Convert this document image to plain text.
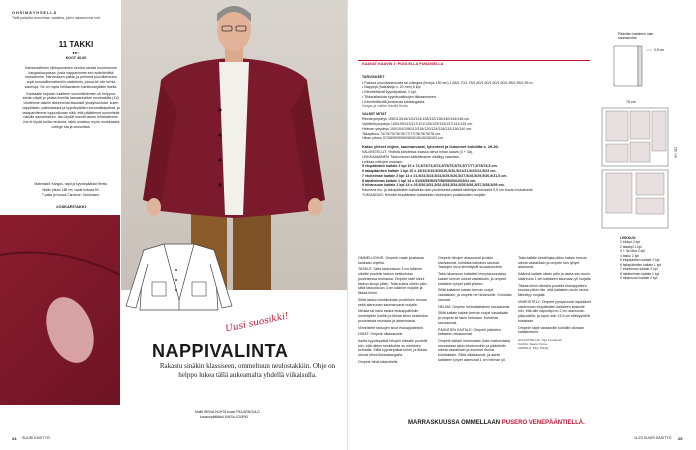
OHSIMÄYHSELLÄ
Tällä palstalla ommellaan vaatteita, joihin rakastumme heti.
11 TAKKI
●●○
KOOT 46-66

Karismaattinen viininpunainen neuloa varasti huomiomme kangaskaupassa, josta nappasimme sen epäröimättä mukaamme. Harvinaisen paksu ja pehmeä puuvillaneulos sopii konstaillemattomiin vaatteisiin, joissa se oile turhia saumoja. Se on myös helläavainen harkinnanjälkiin itsella.

Kankaalle sopivan vaatteen suunnittelemien oli helppoa: sehän näytti jo pelata ilmeiltä hamasnhelien neuletakilta (11)! Ulottimme takkiin tärkeimmät klassiset yksityiskohdat, kuten nappilistan, paikkataskut ja kyynärpäiden kenonatkapaikat, ja tasapaivitimme tuppuolivaan niitä, että päättimme suunnitella naisille samantaisen. Ilan löydät tulevat talven lehdistämme. Jos et löydä tuhtia neulosta, takki onnistuu myös murkkaasta college sta ja veosniista.

Materiaalit: Kangas, napit ja kyynärpäälaat Hertta.

Mallin pituus 188 cm, vaate kokoaa 50.

T-paita ja housut Carolone, Stockmann.

#OSKARITAKKI
Uusi suosikki!
NAPPIVALINTA
Rakastu sinäkin klassiseen, ommeltuun neulostakkiin. Ohje on helppo lukea tällä aukeamalta yhdellä viikaisulla.
Mallit IRENA HUHTA kuvat PIIA ARNOULD
kuvauspäällikkö KAISA JOURKI
24 SUURI KÄSITYÖ
KAAVAT KAAVIN 2: PUOLELLA PUNAISELLA

TARVIKKEET

• Paksua puuvillaneulosta tai collegea (leveys 150 cm) 1,65/1,70/1,75/1,80/1,90/1,90/1,90/1,95/1,95/1,95 m.
• Nappeja (halkaisija n. 20 mm) 6 kpl.
• Kiinnitettävät kyynärpaikat, 2 kpl.
• Tikkauslankaa kyynärpaikkojen tikkaamiseen.
• Kiinnitettävälä joustavaa tukikangasta.
Kangas ja mallien tekstilä Hertta.

VALMIT MITAT

Rinnanympärys 108/113/116/120/124/128/132/136/140/144/148 cm.
Vyötärönympärys 105/109/113/117/121/125/129/133/137/141/145 cm.
Helman ympärys 100/104/108/112/116/120/124/128/132/136/140 cm.
Takapituus 74/75/75/76/76/77/77/78/78/78/78 cm.
Hihan pituus 57/58/59/59/60/60/61/61/62/62/63 cm.

Katso yleiset ohjeet, saumanvarat, lyhenteet ja liukuimet kohdilta s. 29-30.

VALMISTELUT: Yhdistä kahdessa osassa oleva hihan kaava (3 + 3a).
LEIKKAAMINEN: Taskunsuun kääntäminen sisältyy kaavaan.
Leikkaa mittojen mukaan:
5 etupääntien kaitale 2 kpl 10 x 72,5/73/73,5/74,5/75/75,5/76,5/77/77,5/78/78,5 cm.
6 takapääntien kaitale 1 kpl 10 x 19/19,5/19,5/20/20,5/20,5/21/21,5/22/22,5/23 cm.
7 etuhelman kaitale 2 kpl 14 x 21,5/23,5/23,5/24,5/25,5/26,5/27,5/28,5/29,5/30,5/31,5 cm.
8 takahelman kaitale 1 kpl 14 x 51/53/55/56/57/58/59/60/62/63/64 cm.
9 hihansuun kaitale 2 kpl 14 x 29,5/30,5/31,5/32,5/33,5/34,5/35,5/36,5/37,5/38,5/39 cm.
Kaveena eiu: ja takapääntien kaitaleita olan puoleisesta päästä taittelijan kohdalta 0,5 cm kuvan mukaisesti.
TUKIANGAS: Kiinnitä etupääntien kaitaleiden sisempien puoliskoiden nurjalle.
Pääntien kaitaleen olan saumakohta
0,5 cm
75 cm
150 cm
LEIKKUU:
1 etukpl 2 kpl
2 takakpl 1 kpl
3 + 3a hiha 2 kpl
4 tasku 2 kpl
5 etupääntien kaitale 2 kpl
6 takapääntien kaitale 1 kpl
7 etuhelman kaitale 2 kpl
8 takahelman kaitale 1 kpl
9 hihansuun kaitale 2 kpl

OMMELUOHJE: Ompele vaate joustavan kankaan ohjeilla.

TASKUT: Taita taskunsuun 3 cm käänne oikeille puolelle taskun kesikohdan puoleisessa reunassa. Ompele taite kiinni taskun sivuja pitkin. Taita kulma oikein päin, silitä taskunsuun 3 cm käänne nurjalle ja tikkaa kiinni.

Silitä taskun keskikohdan puoleisen reunan sekä alareunan saumanvarat nurjalle.

Neulaa tai harsi taskut etukappaleisiin merkittyihin kohtiin ja tikkaa kiinni keskiedun puoleisesta reunasta ja alareunasta.

Viimeistele taskujen sivut etukappaleisiin.

HIHAT: Ompele olkasaumat.

Aseta kyynärpaikat hihojen oikealle puolelle niin, että niiden keskikohta on merkkien kohdalla. Silitä kyynärpaikat kiinni, ja tikkaa reunat kiinni tikkauslangalla.

Ompele hihat kädentielle.

Ompele hihojen alasaumat ja takin sivusaumat, kohdista kainalon saumat. Taskujen sivut kiinnittyvät sivusaumoihin.

Taita hihansuun kaitaleet leveyssuunnassa kaksin kerroin oikeat vastakkain, ja ompele kaitaleen lyhyet päät yhteen.

Silitä kaitaleet kaksin kerroin nurjat vastakkain, ja ompele ne hihansuille. Kohdista saumat.

HELMA: Ompele helmakaitaleen sivusaumat.

Silitä kaitale kaksin kerroin nurjat vastakkain ja ompele se takin helmaan. Kohdista sivusaumat.

PÄÄNTIEN KAITALE: Ompele pääntien kaitaleen olkasaumat.

Ompele kaitale olommasta (tuke mattomasta) reunastaan takin etureunoihin ja pääntielle; oikeat vastakkain ja avoimet reunat kohdakkain. Silitä olkasaumat, ja aseta kaitaleen lyhyet alareunat 1 cm helman yli.

Taita kaitale keskilinjaa pitkin kaksin kerroin oikeat vastakkain ja ompele sen lyhyet alareunat.

Käännä kaitale oikein päin ja aseta sen avoin sisäreuna 1 cm kaitaleen saumaan yli nurjalla.

Tikkaa kiinni oikealla puolella etukappaleen reunaa pitkin niin, että kaitaleen avoin reuna kiinnittyy nurjalla.

VIIMEISTELY: Ompele pystysuorat napinlävet vasemman etupääntien kaitaleen keskelle niin, että alin napinläpi on 2 cm alareunan yläpuolella, ja loput noin 13,5 cm etäisyydellä toisistaan.

Ompele napit vastaaville kohdille oikeaan kaitaleeseen.

SUUNITTELIJA: Tiija Kostiainen
KAAVA: Saara Voime
OMPELU: Pirjo Willöly

MARRASKUUSSA OMMELLAAN PUSERO VENEPÄÄNTIELLÄ.
11/23 SUURI KÄSITYÖ 25
